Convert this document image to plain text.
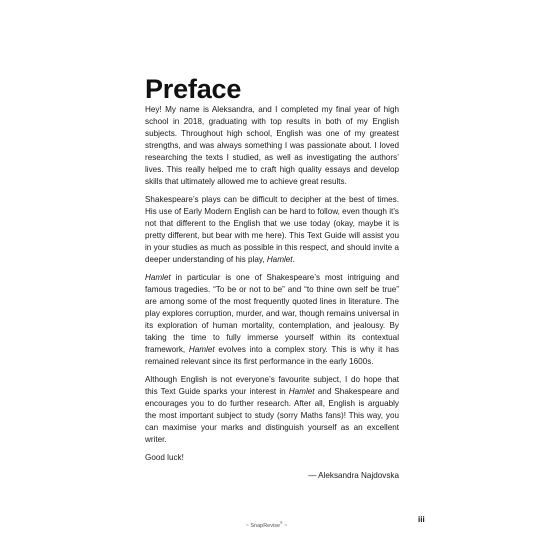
Preface

Hey! My name is Aleksandra, and I completed my final year of high school in 2018, graduating with top results in both of my English subjects. Throughout high school, English was one of my greatest strengths, and was always something I was passionate about. I loved researching the texts I studied, as well as investigating the authors’ lives. This really helped me to craft high quality essays and develop skills that ultimately allowed me to achieve great results.

Shakespeare’s plays can be difficult to decipher at the best of times. His use of Early Modern English can be hard to follow, even though it’s not that different to the English that we use today (okay, maybe it is pretty different, but bear with me here). This Text Guide will assist you in your studies as much as possible in this respect, and should invite a deeper understanding of his play, Hamlet.

Hamlet in particular is one of Shakespeare’s most intriguing and famous tragedies. “To be or not to be” and “to thine own self be true” are among some of the most frequently quoted lines in literature. The play explores corruption, murder, and war, though remains universal in its exploration of human mortality, contemplation, and jealousy. By taking the time to fully immerse yourself within its contextual framework, Hamlet evolves into a complex story. This is why it has remained relevant since its first performance in the early 1600s.

Although English is not everyone’s favourite subject, I do hope that this Text Guide sparks your interest in Hamlet and Shakespeare and encourages you to do further research. After all, English is arguably the most important subject to study (sorry Maths fans)! This way, you can maximise your marks and distinguish yourself as an excellent writer.

Good luck!

— Aleksandra Najdovska

~ SnapRevise® ~
iii
